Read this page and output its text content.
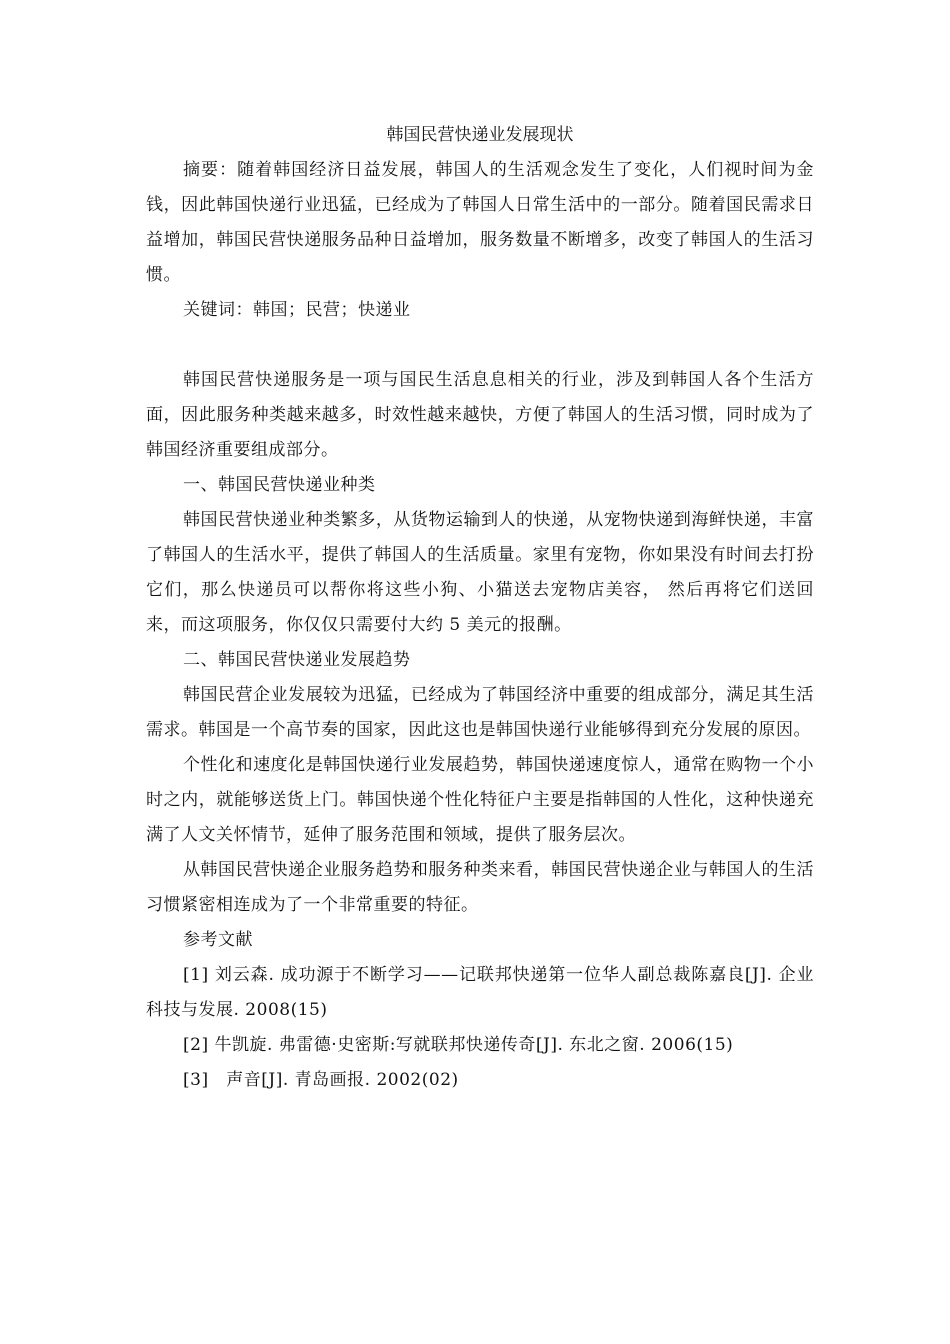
韩国民营快递业发展现状

摘要：随着韩国经济日益发展，韩国人的生活观念发生了变化，人们视时间为金钱，因此韩国快递行业迅猛，已经成为了韩国人日常生活中的一部分。随着国民需求日益增加，韩国民营快递服务品种日益增加，服务数量不断增多，改变了韩国人的生活习惯。

关键词：韩国；民营；快递业

韩国民营快递服务是一项与国民生活息息相关的行业，涉及到韩国人各个生活方面，因此服务种类越来越多，时效性越来越快，方便了韩国人的生活习惯，同时成为了韩国经济重要组成部分。

一、韩国民营快递业种类

韩国民营快递业种类繁多，从货物运输到人的快递，从宠物快递到海鲜快递，丰富了韩国人的生活水平，提供了韩国人的生活质量。家里有宠物，你如果没有时间去打扮它们，那么快递员可以帮你将这些小狗、小猫送去宠物店美容， 然后再将它们送回来，而这项服务，你仅仅只需要付大约 5 美元的报酬。

二、韩国民营快递业发展趋势

韩国民营企业发展较为迅猛，已经成为了韩国经济中重要的组成部分，满足其生活需求。韩国是一个高节奏的国家，因此这也是韩国快递行业能够得到充分发展的原因。

个性化和速度化是韩国快递行业发展趋势，韩国快递速度惊人，通常在购物一个小时之内，就能够送货上门。韩国快递个性化特征户主要是指韩国的人性化，这种快递充满了人文关怀情节，延伸了服务范围和领域，提供了服务层次。

从韩国民营快递企业服务趋势和服务种类来看，韩国民营快递企业与韩国人的生活习惯紧密相连成为了一个非常重要的特征。

参考文献

[1] 刘云森. 成功源于不断学习——记联邦快递第一位华人副总裁陈嘉良[J]. 企业科技与发展. 2008(15)

[2] 牛凯旋. 弗雷德·史密斯:写就联邦快递传奇[J]. 东北之窗. 2006(15)

[3]   声音[J]. 青岛画报. 2002(02)
